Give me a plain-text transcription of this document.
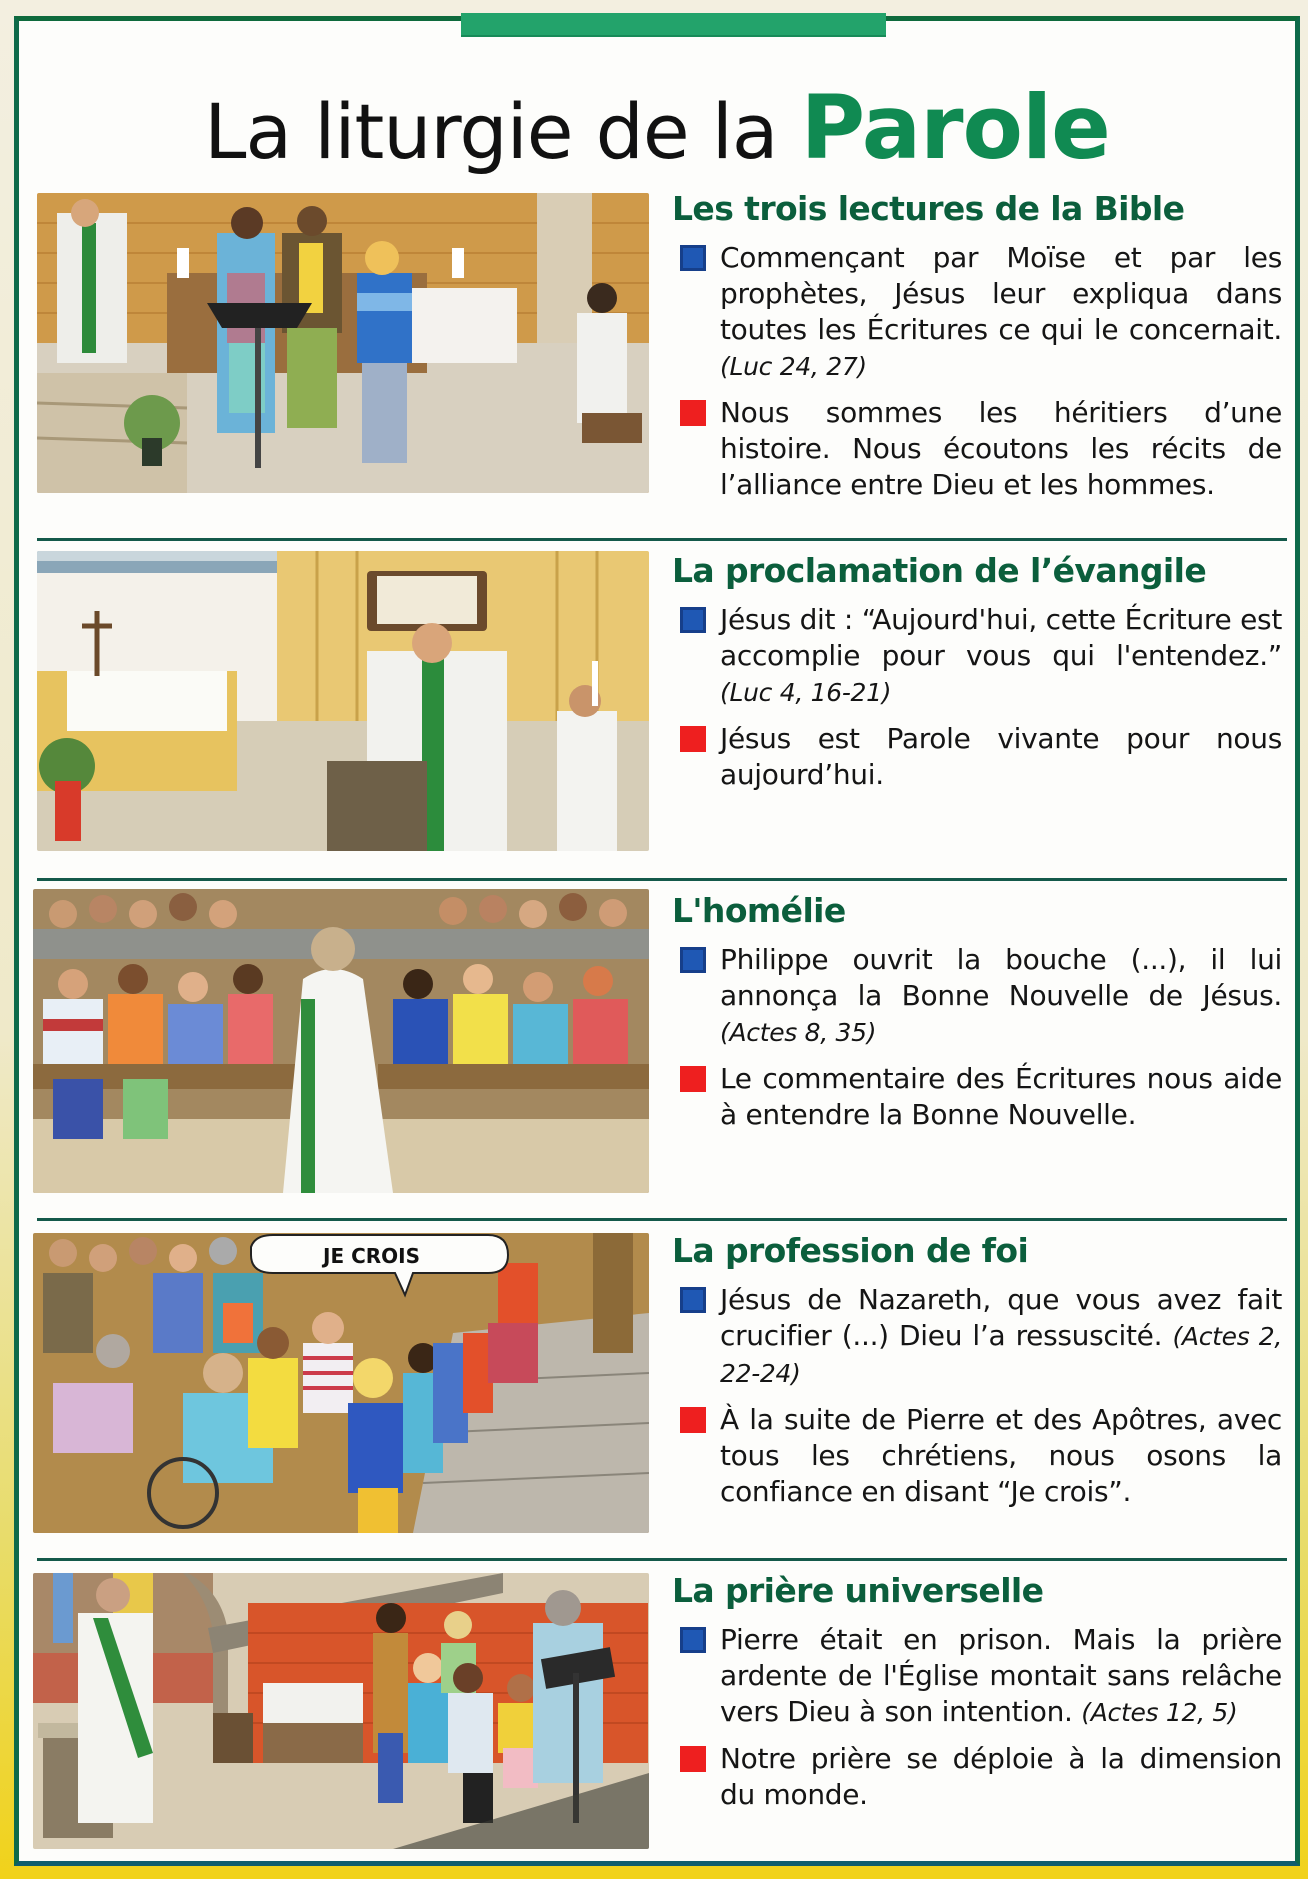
La liturgie de la Parole
Les trois lectures de la Bible

Commençant par Moïse et par les prophètes, Jésus leur expliqua dans toutes les Écritures ce qui le concernait. (Luc 24, 27)

Nous sommes les héritiers d’une histoire. Nous écoutons les récits de l’alliance entre Dieu et les hommes.

La proclamation de l’évangile

Jésus dit : “Aujourd'hui, cette Écriture est accomplie pour vous qui l'entendez.” (Luc 4, 16-21)

Jésus est Parole vivante pour nous aujourd’hui.

L'homélie

Philippe ouvrit la bouche (...), il lui annonça la Bonne Nouvelle de Jésus. (Actes 8, 35)

Le commentaire des Écritures nous aide à entendre la Bonne Nouvelle.

JE CROIS	La profession de foi

Jésus de Nazareth, que vous avez fait crucifier (...) Dieu l’a ressuscité. (Actes 2, 22-24)

À la suite de Pierre et des Apôtres, avec tous les chrétiens, nous osons la confiance en disant “Je crois”.

La prière universelle

Pierre était en prison. Mais la prière ardente de l'Église montait sans relâche vers Dieu à son intention. (Actes 12, 5)

Notre prière se déploie à la dimension du monde.
